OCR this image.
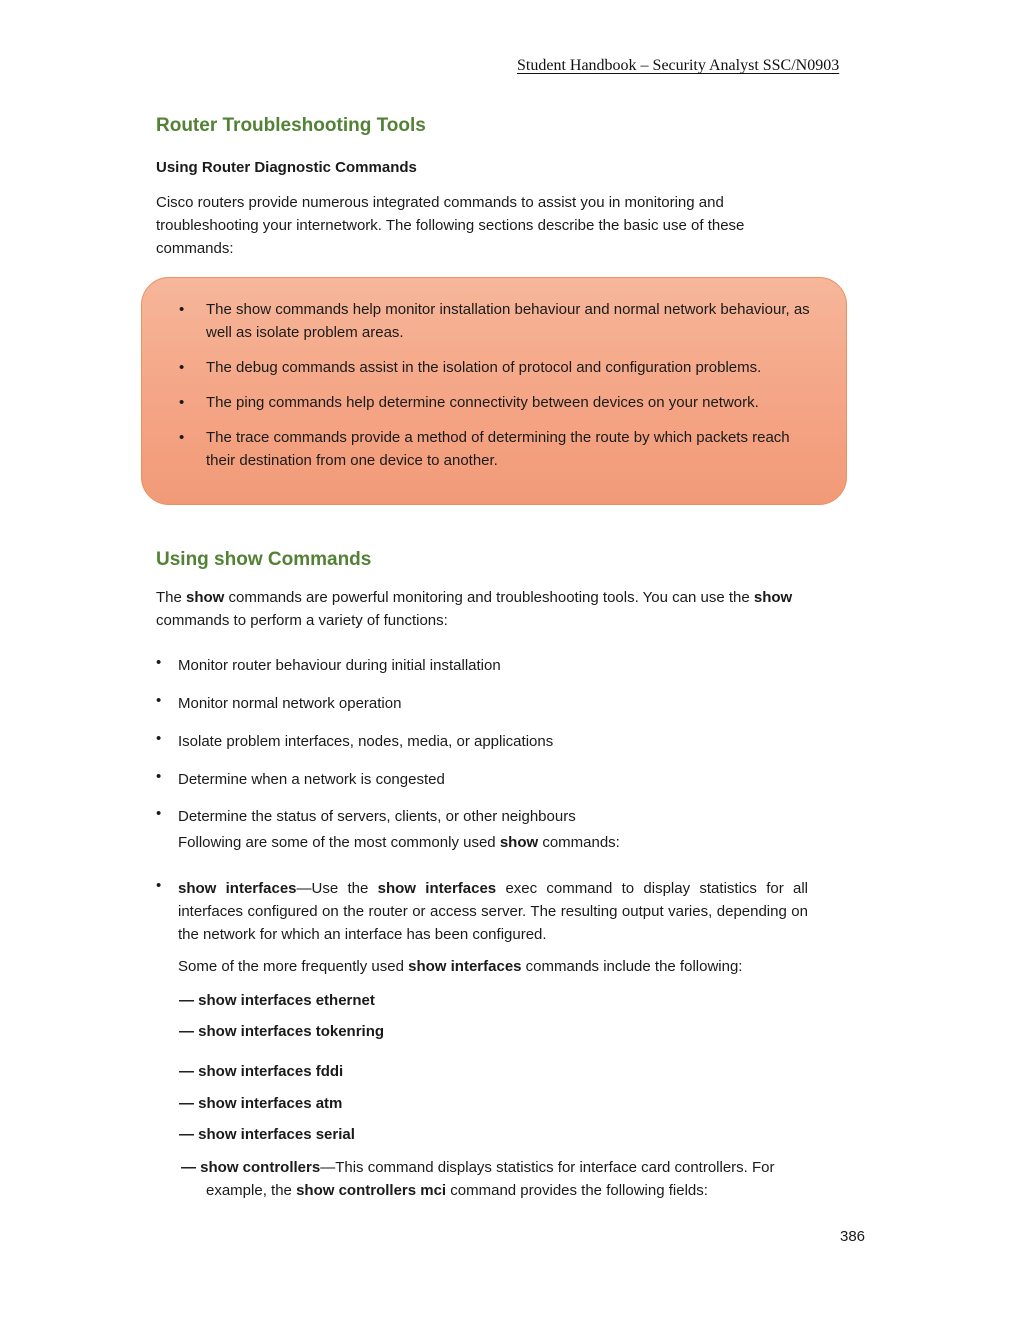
Student Handbook – Security Analyst SSC/N0903
Router Troubleshooting Tools
Using Router Diagnostic Commands
Cisco routers provide numerous integrated commands to assist you in monitoring and troubleshooting your internetwork. The following sections describe the basic use of these commands:
• The show commands help monitor installation behaviour and normal network behaviour, as well as isolate problem areas.
• The debug commands assist in the isolation of protocol and configuration problems.
• The ping commands help determine connectivity between devices on your network.
• The trace commands provide a method of determining the route by which packets reach their destination from one device to another.
Using show Commands
The show commands are powerful monitoring and troubleshooting tools. You can use the show commands to perform a variety of functions:
• Monitor router behaviour during initial installation
• Monitor normal network operation
• Isolate problem interfaces, nodes, media, or applications
• Determine when a network is congested
• Determine the status of servers, clients, or other neighbours
Following are some of the most commonly used show commands:
• show interfaces—Use the show interfaces exec command to display statistics for all interfaces configured on the router or access server. The resulting output varies, depending on the network for which an interface has been configured.
Some of the more frequently used show interfaces commands include the following:
— show interfaces ethernet
— show interfaces tokenring
— show interfaces fddi
— show interfaces atm
— show interfaces serial
— show controllers—This command displays statistics for interface card controllers. For example, the show controllers mci command provides the following fields:
386
